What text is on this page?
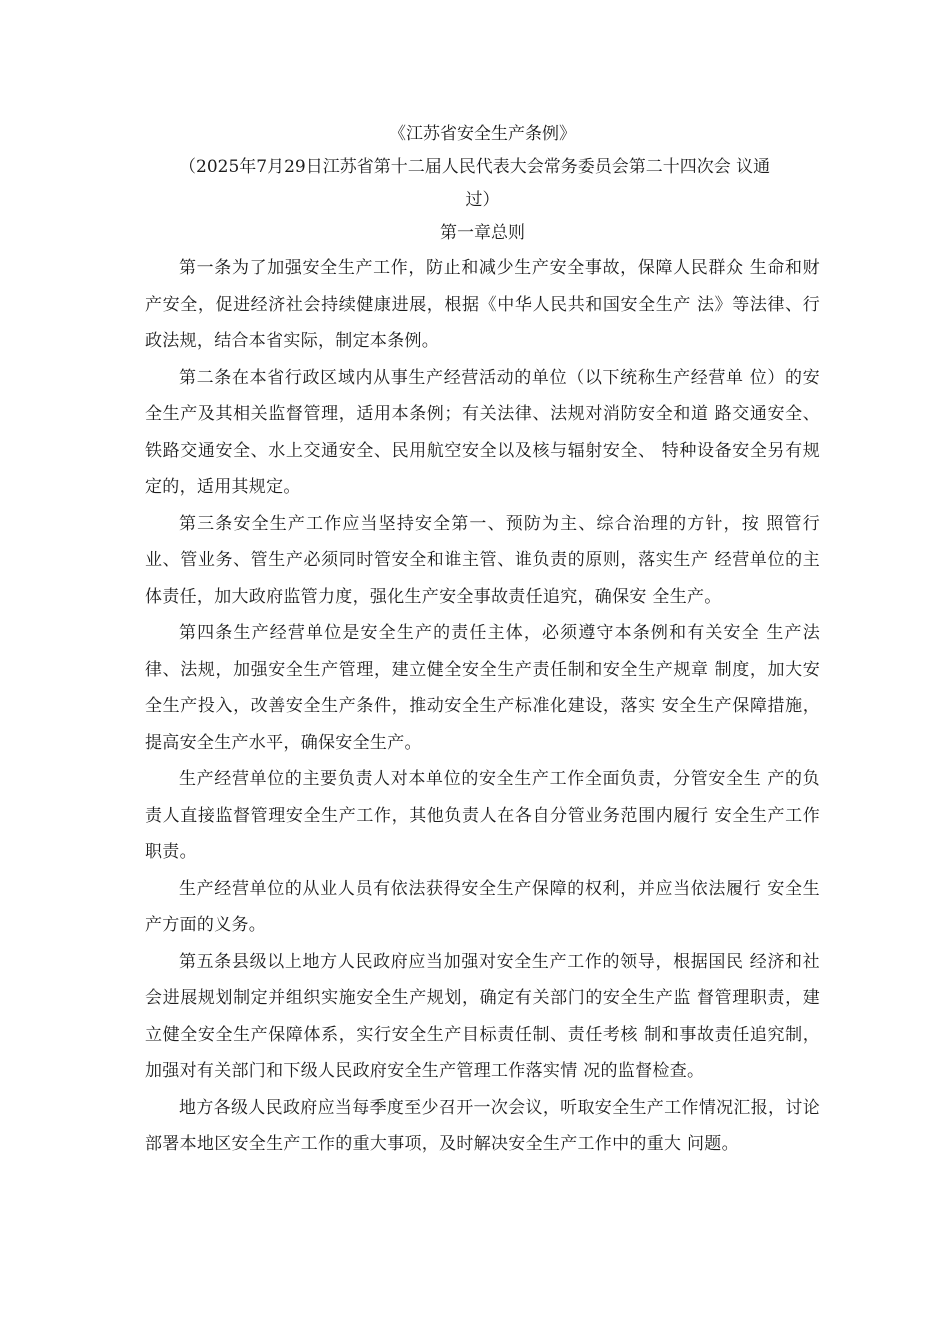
《江苏省安全生产条例》

（2025年7月29日江苏省第十二届人民代表大会常务委员会第二十四次会 议通

过）

第一章总则

第一条为了加强安全生产工作，防止和减少生产安全事故，保障人民群众 生命和财产安全，促进经济社会持续健康进展，根据《中华人民共和国安全生产 法》等法律、行政法规，结合本省实际，制定本条例。

第二条在本省行政区域内从事生产经营活动的单位（以下统称生产经营单 位）的安全生产及其相关监督管理，适用本条例；有关法律、法规对消防安全和道 路交通安全、铁路交通安全、水上交通安全、民用航空安全以及核与辐射安全、 特种设备安全另有规定的，适用其规定。

第三条安全生产工作应当坚持安全第一、预防为主、综合治理的方针，按 照管行业、管业务、管生产必须同时管安全和谁主管、谁负责的原则，落实生产 经营单位的主体责任，加大政府监管力度，强化生产安全事故责任追究，确保安 全生产。

第四条生产经营单位是安全生产的责任主体，必须遵守本条例和有关安全 生产法律、法规，加强安全生产管理，建立健全安全生产责任制和安全生产规章 制度，加大安全生产投入，改善安全生产条件，推动安全生产标准化建设，落实 安全生产保障措施，提高安全生产水平，确保安全生产。

生产经营单位的主要负责人对本单位的安全生产工作全面负责，分管安全生 产的负责人直接监督管理安全生产工作，其他负责人在各自分管业务范围内履行 安全生产工作职责。

生产经营单位的从业人员有依法获得安全生产保障的权利，并应当依法履行 安全生产方面的义务。

第五条县级以上地方人民政府应当加强对安全生产工作的领导，根据国民 经济和社会进展规划制定并组织实施安全生产规划，确定有关部门的安全生产监 督管理职责，建立健全安全生产保障体系，实行安全生产目标责任制、责任考核 制和事故责任追究制，加强对有关部门和下级人民政府安全生产管理工作落实情 况的监督检查。

地方各级人民政府应当每季度至少召开一次会议，听取安全生产工作情况汇报，讨论部署本地区安全生产工作的重大事项，及时解决安全生产工作中的重大 问题。
